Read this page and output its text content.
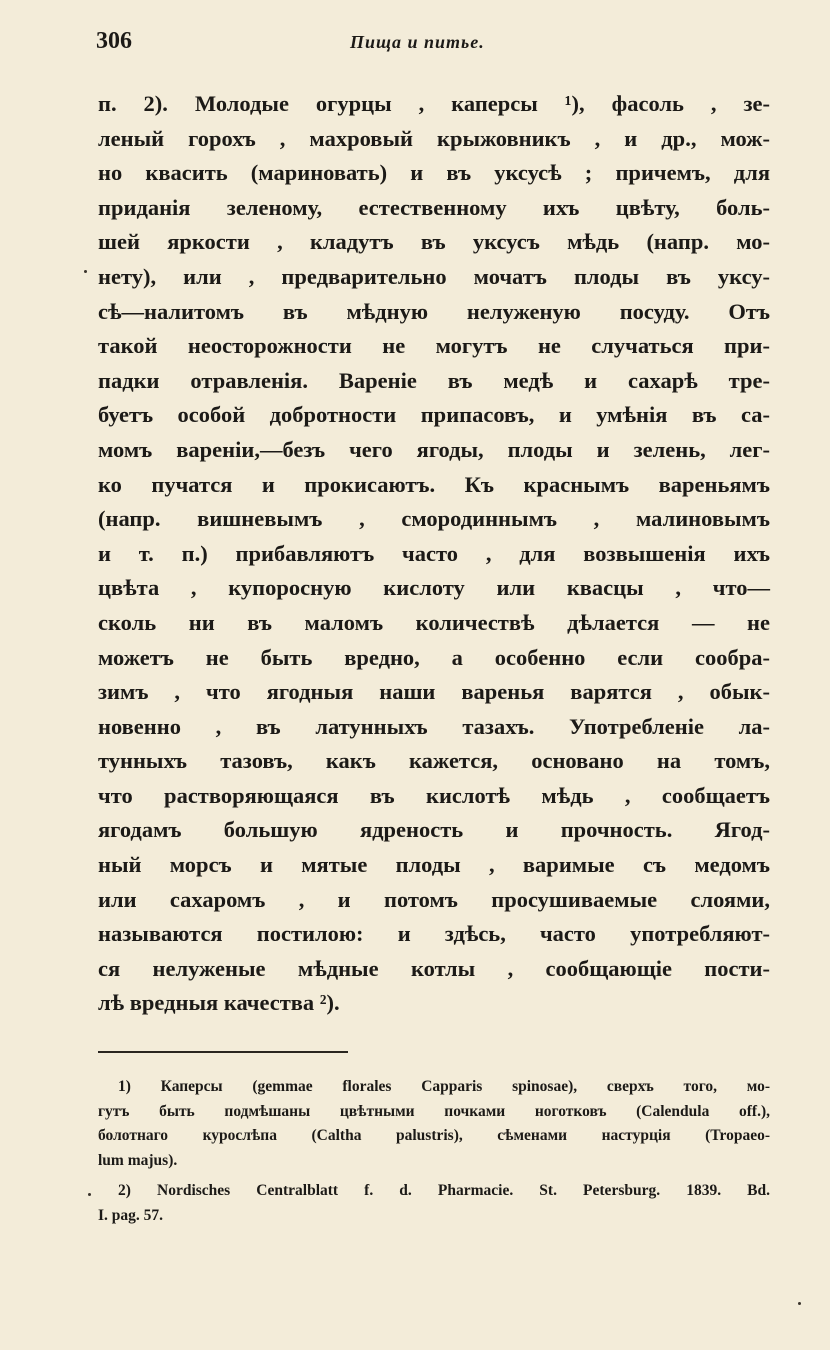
306	Пища и питье.
п. 2). Молодые огурцы , каперсы ¹), фасоль , зе-
леный горохъ , махровый крыжовникъ , и др., мож-
но квасить (мариновать) и въ уксусѣ ; причемъ, для
приданія зеленому, естественному ихъ цвѣту, боль-
шей яркости , кладутъ въ уксусъ мѣдь (напр. мо-
нету), или , предварительно мочатъ плоды въ уксу-
сѣ—налитомъ въ мѣдную нелуженую посуду. Отъ
такой неосторожности не могутъ не случаться при-
падки отравленія. Вареніе въ медѣ и сахарѣ тре-
буетъ особой добротности припасовъ, и умѣнія въ са-
момъ вареніи,—безъ чего ягоды, плоды и зелень, лег-
ко пучатся и прокисаютъ. Къ краснымъ вареньямъ
(напр. вишневымъ , смородиннымъ , малиновымъ
и т. п.) прибавляютъ часто , для возвышенія ихъ
цвѣта , купоросную кислоту или квасцы , что—
сколь ни въ маломъ количествѣ дѣлается — не
можетъ не быть вредно, а особенно если сообра-
зимъ , что ягодныя наши варенья варятся , обык-
новенно , въ латунныхъ тазахъ. Употребленіе ла-
тунныхъ тазовъ, какъ кажется, основано на томъ,
что растворяющаяся въ кислотѣ мѣдь , сообщаетъ
ягодамъ большую ядреность и прочность. Ягод-
ный морсъ и мятые плоды , варимые съ медомъ
или сахаромъ , и потомъ просушиваемые слоями,
называются постилою: и здѣсь, часто употребляют-
ся нелуженые мѣдные котлы , сообщающіе пости-
лѣ вредныя качества ²).
1) Каперсы (gemmae florales Capparis spinosae), сверхъ того, мо-
гутъ быть подмѣшаны цвѣтными почками ноготковъ (Calendula off.),
болотнаго курослѣпа (Caltha palustris), сѣменами настурція (Tropaeo-
lum majus).
2) Nordisches Centralblatt f. d. Pharmacie. St. Petersburg. 1839. Bd.
I. pag. 57.
